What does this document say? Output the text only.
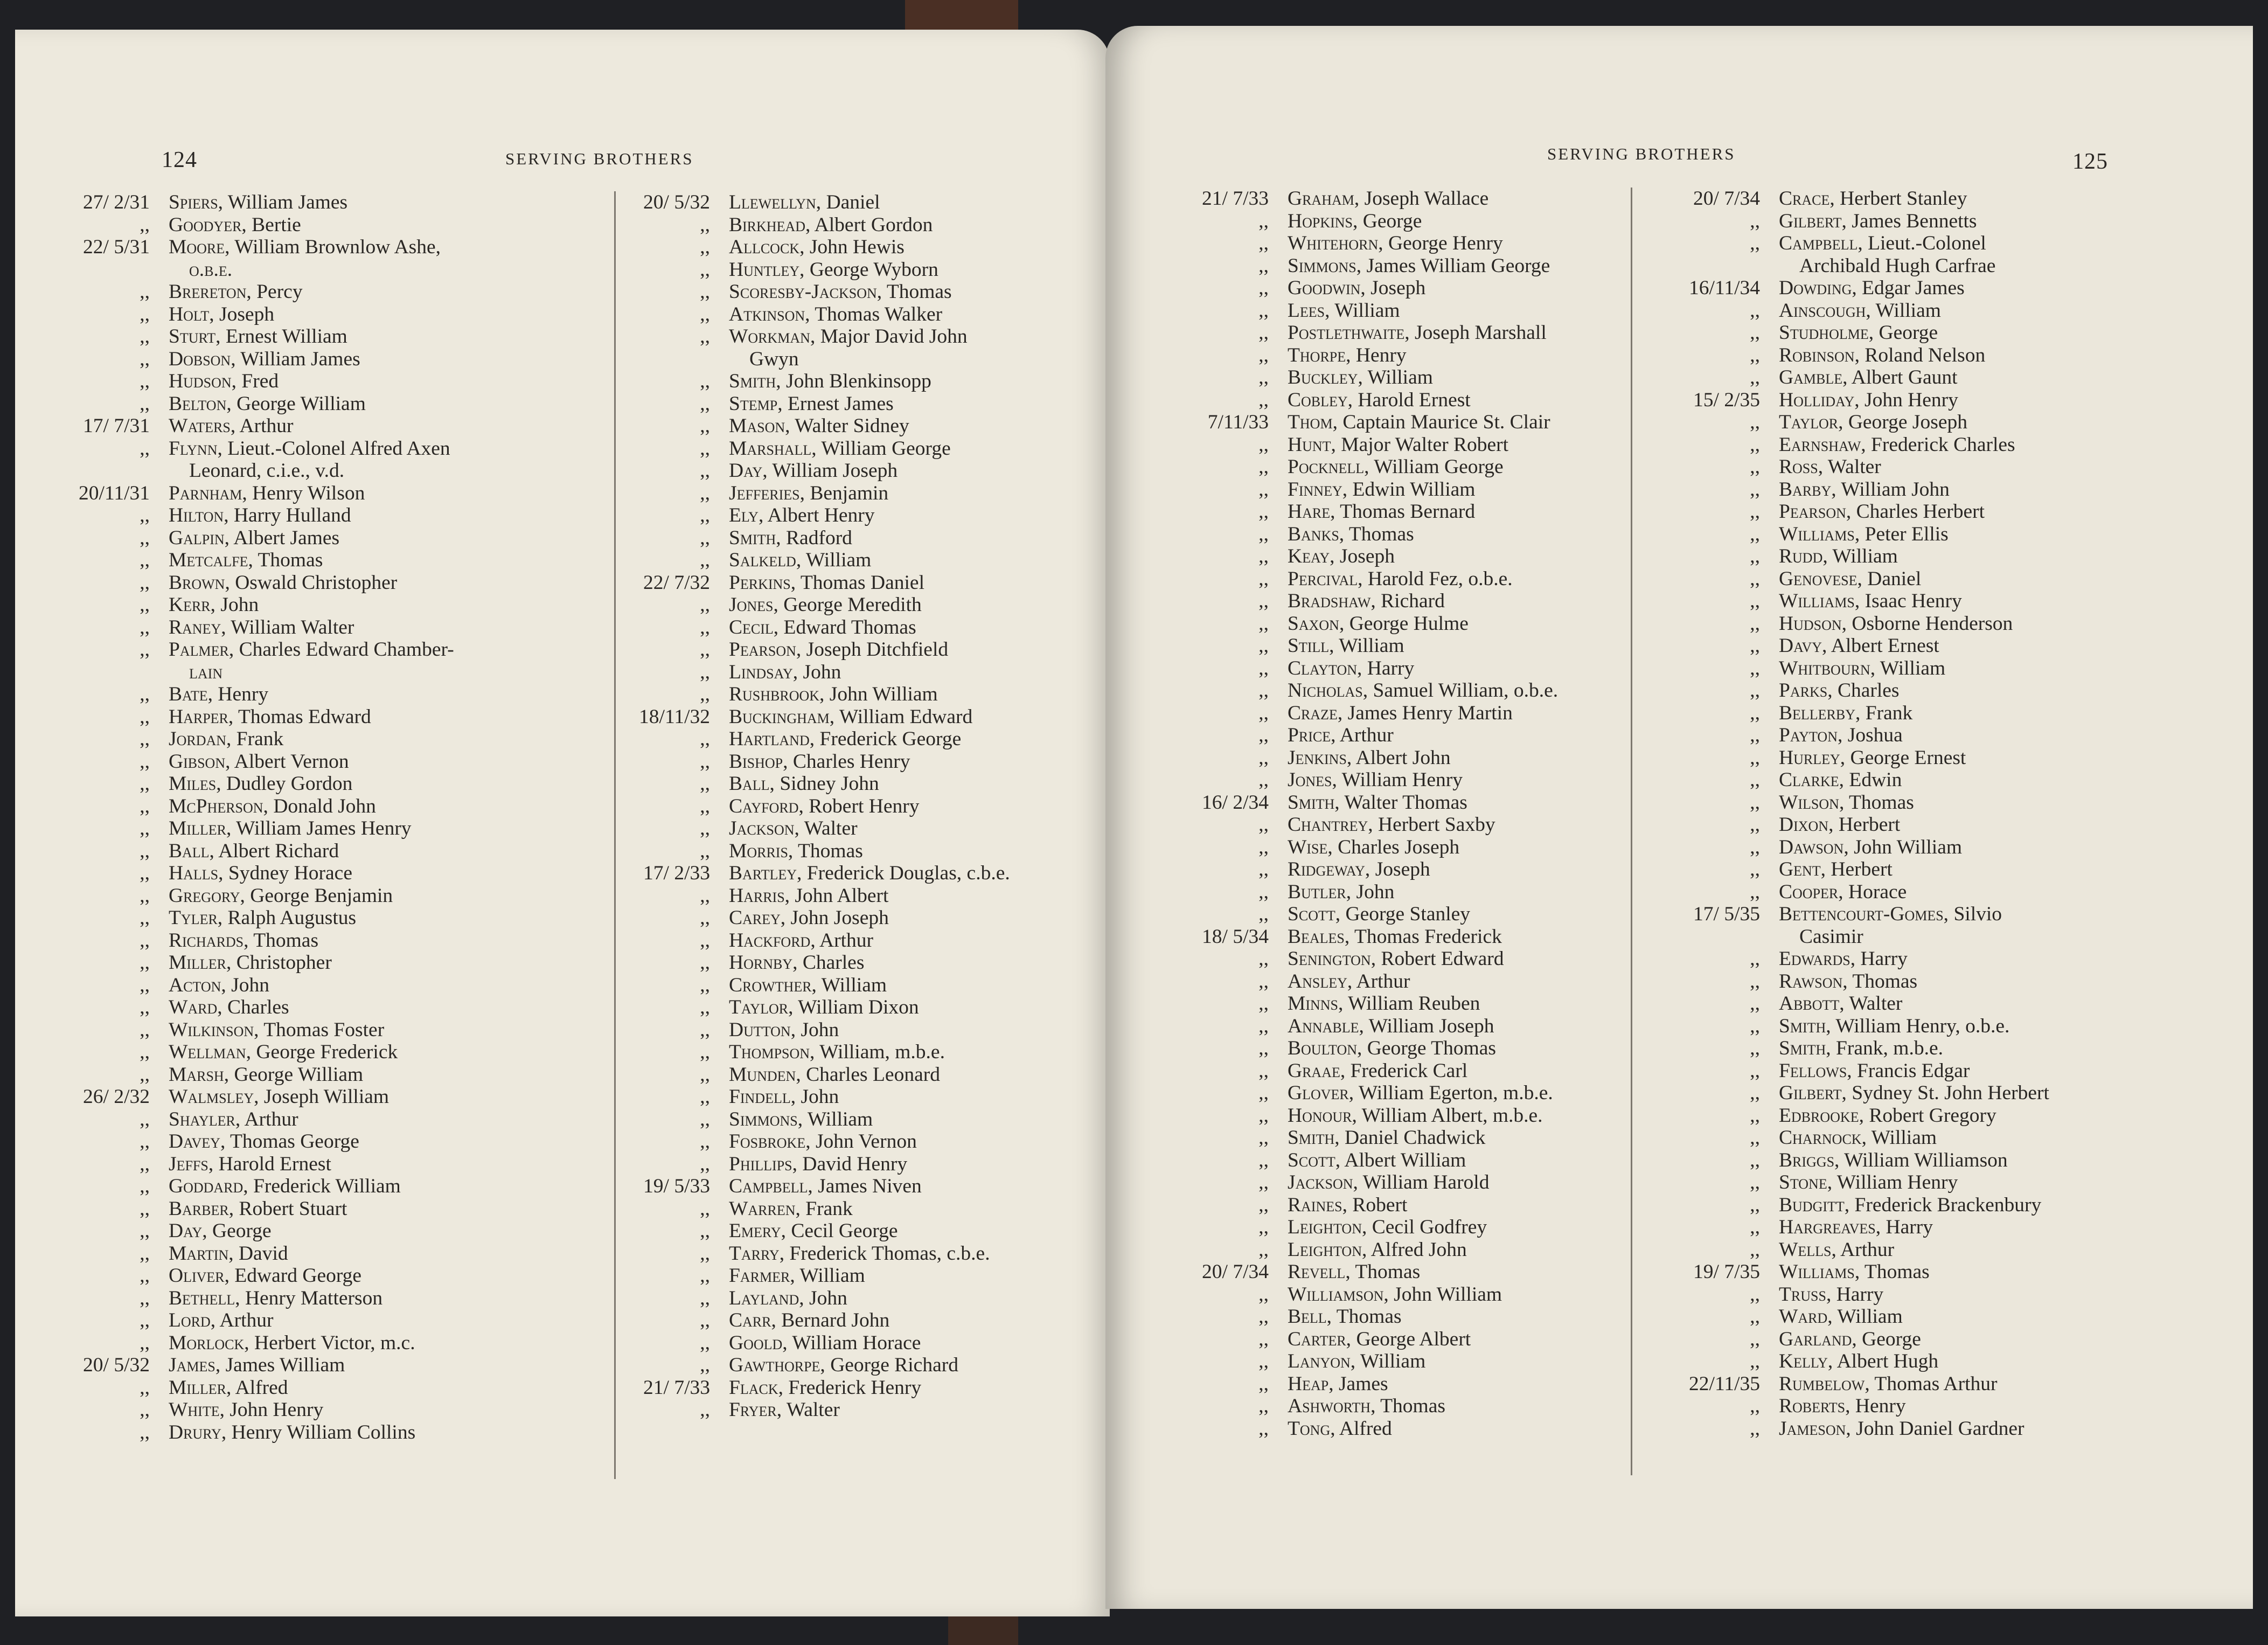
124	SERVING BROTHERS
27/ 2/31 Spiers, William James
,, Goodyer, Bertie
22/ 5/31 Moore, William Brownlow Ashe,
o.b.e.
,, Brereton, Percy
,, Holt, Joseph
,, Sturt, Ernest William
,, Dobson, William James
,, Hudson, Fred
,, Belton, George William
17/ 7/31 Waters, Arthur
,, Flynn, Lieut.-Colonel Alfred Axen
Leonard, c.i.e., v.d.
20/11/31 Parnham, Henry Wilson
,, Hilton, Harry Hulland
,, Galpin, Albert James
,, Metcalfe, Thomas
,, Brown, Oswald Christopher
,, Kerr, John
,, Raney, William Walter
,, Palmer, Charles Edward Chamber-
lain
,, Bate, Henry
,, Harper, Thomas Edward
,, Jordan, Frank
,, Gibson, Albert Vernon
,, Miles, Dudley Gordon
,, McPherson, Donald John
,, Miller, William James Henry
,, Ball, Albert Richard
,, Halls, Sydney Horace
,, Gregory, George Benjamin
,, Tyler, Ralph Augustus
,, Richards, Thomas
,, Miller, Christopher
,, Acton, John
,, Ward, Charles
,, Wilkinson, Thomas Foster
,, Wellman, George Frederick
,, Marsh, George William
26/ 2/32 Walmsley, Joseph William
,, Shayler, Arthur
,, Davey, Thomas George
,, Jeffs, Harold Ernest
,, Goddard, Frederick William
,, Barber, Robert Stuart
,, Day, George
,, Martin, David
,, Oliver, Edward George
,, Bethell, Henry Matterson
,, Lord, Arthur
,, Morlock, Herbert Victor, m.c.
20/ 5/32 James, James William
,, Miller, Alfred
,, White, John Henry
,, Drury, Henry William Collins
20/ 5/32 Llewellyn, Daniel
,, Birkhead, Albert Gordon
,, Allcock, John Hewis
,, Huntley, George Wyborn
,, Scoresby-Jackson, Thomas
,, Atkinson, Thomas Walker
,, Workman, Major David John
Gwyn
,, Smith, John Blenkinsopp
,, Stemp, Ernest James
,, Mason, Walter Sidney
,, Marshall, William George
,, Day, William Joseph
,, Jefferies, Benjamin
,, Ely, Albert Henry
,, Smith, Radford
,, Salkeld, William
22/ 7/32 Perkins, Thomas Daniel
,, Jones, George Meredith
,, Cecil, Edward Thomas
,, Pearson, Joseph Ditchfield
,, Lindsay, John
,, Rushbrook, John William
18/11/32 Buckingham, William Edward
,, Hartland, Frederick George
,, Bishop, Charles Henry
,, Ball, Sidney John
,, Cayford, Robert Henry
,, Jackson, Walter
,, Morris, Thomas
17/ 2/33 Bartley, Frederick Douglas, c.b.e.
,, Harris, John Albert
,, Carey, John Joseph
,, Hackford, Arthur
,, Hornby, Charles
,, Crowther, William
,, Taylor, William Dixon
,, Dutton, John
,, Thompson, William, m.b.e.
,, Munden, Charles Leonard
,, Findell, John
,, Simmons, William
,, Fosbroke, John Vernon
,, Phillips, David Henry
19/ 5/33 Campbell, James Niven
,, Warren, Frank
,, Emery, Cecil George
,, Tarry, Frederick Thomas, c.b.e.
,, Farmer, William
,, Layland, John
,, Carr, Bernard John
,, Goold, William Horace
,, Gawthorpe, George Richard
21/ 7/33 Flack, Frederick Henry
,, Fryer, Walter
SERVING BROTHERS	125
21/ 7/33 Graham, Joseph Wallace
,, Hopkins, George
,, Whitehorn, George Henry
,, Simmons, James William George
,, Goodwin, Joseph
,, Lees, William
,, Postlethwaite, Joseph Marshall
,, Thorpe, Henry
,, Buckley, William
,, Cobley, Harold Ernest
7/11/33 Thom, Captain Maurice St. Clair
,, Hunt, Major Walter Robert
,, Pocknell, William George
,, Finney, Edwin William
,, Hare, Thomas Bernard
,, Banks, Thomas
,, Keay, Joseph
,, Percival, Harold Fez, o.b.e.
,, Bradshaw, Richard
,, Saxon, George Hulme
,, Still, William
,, Clayton, Harry
,, Nicholas, Samuel William, o.b.e.
,, Craze, James Henry Martin
,, Price, Arthur
,, Jenkins, Albert John
,, Jones, William Henry
16/ 2/34 Smith, Walter Thomas
,, Chantrey, Herbert Saxby
,, Wise, Charles Joseph
,, Ridgeway, Joseph
,, Butler, John
,, Scott, George Stanley
18/ 5/34 Beales, Thomas Frederick
,, Senington, Robert Edward
,, Ansley, Arthur
,, Minns, William Reuben
,, Annable, William Joseph
,, Boulton, George Thomas
,, Graae, Frederick Carl
,, Glover, William Egerton, m.b.e.
,, Honour, William Albert, m.b.e.
,, Smith, Daniel Chadwick
,, Scott, Albert William
,, Jackson, William Harold
,, Raines, Robert
,, Leighton, Cecil Godfrey
,, Leighton, Alfred John
20/ 7/34 Revell, Thomas
,, Williamson, John William
,, Bell, Thomas
,, Carter, George Albert
,, Lanyon, William
,, Heap, James
,, Ashworth, Thomas
,, Tong, Alfred
20/ 7/34 Crace, Herbert Stanley
,, Gilbert, James Bennetts
,, Campbell, Lieut.-Colonel
Archibald Hugh Carfrae
16/11/34 Dowding, Edgar James
,, Ainscough, William
,, Studholme, George
,, Robinson, Roland Nelson
,, Gamble, Albert Gaunt
15/ 2/35 Holliday, John Henry
,, Taylor, George Joseph
,, Earnshaw, Frederick Charles
,, Ross, Walter
,, Barby, William John
,, Pearson, Charles Herbert
,, Williams, Peter Ellis
,, Rudd, William
,, Genovese, Daniel
,, Williams, Isaac Henry
,, Hudson, Osborne Henderson
,, Davy, Albert Ernest
,, Whitbourn, William
,, Parks, Charles
,, Bellerby, Frank
,, Payton, Joshua
,, Hurley, George Ernest
,, Clarke, Edwin
,, Wilson, Thomas
,, Dixon, Herbert
,, Dawson, John William
,, Gent, Herbert
,, Cooper, Horace
17/ 5/35 Bettencourt-Gomes, Silvio
Casimir
,, Edwards, Harry
,, Rawson, Thomas
,, Abbott, Walter
,, Smith, William Henry, o.b.e.
,, Smith, Frank, m.b.e.
,, Fellows, Francis Edgar
,, Gilbert, Sydney St. John Herbert
,, Edbrooke, Robert Gregory
,, Charnock, William
,, Briggs, William Williamson
,, Stone, William Henry
,, Budgitt, Frederick Brackenbury
,, Hargreaves, Harry
,, Wells, Arthur
19/ 7/35 Williams, Thomas
,, Truss, Harry
,, Ward, William
,, Garland, George
,, Kelly, Albert Hugh
22/11/35 Rumbelow, Thomas Arthur
,, Roberts, Henry
,, Jameson, John Daniel Gardner
